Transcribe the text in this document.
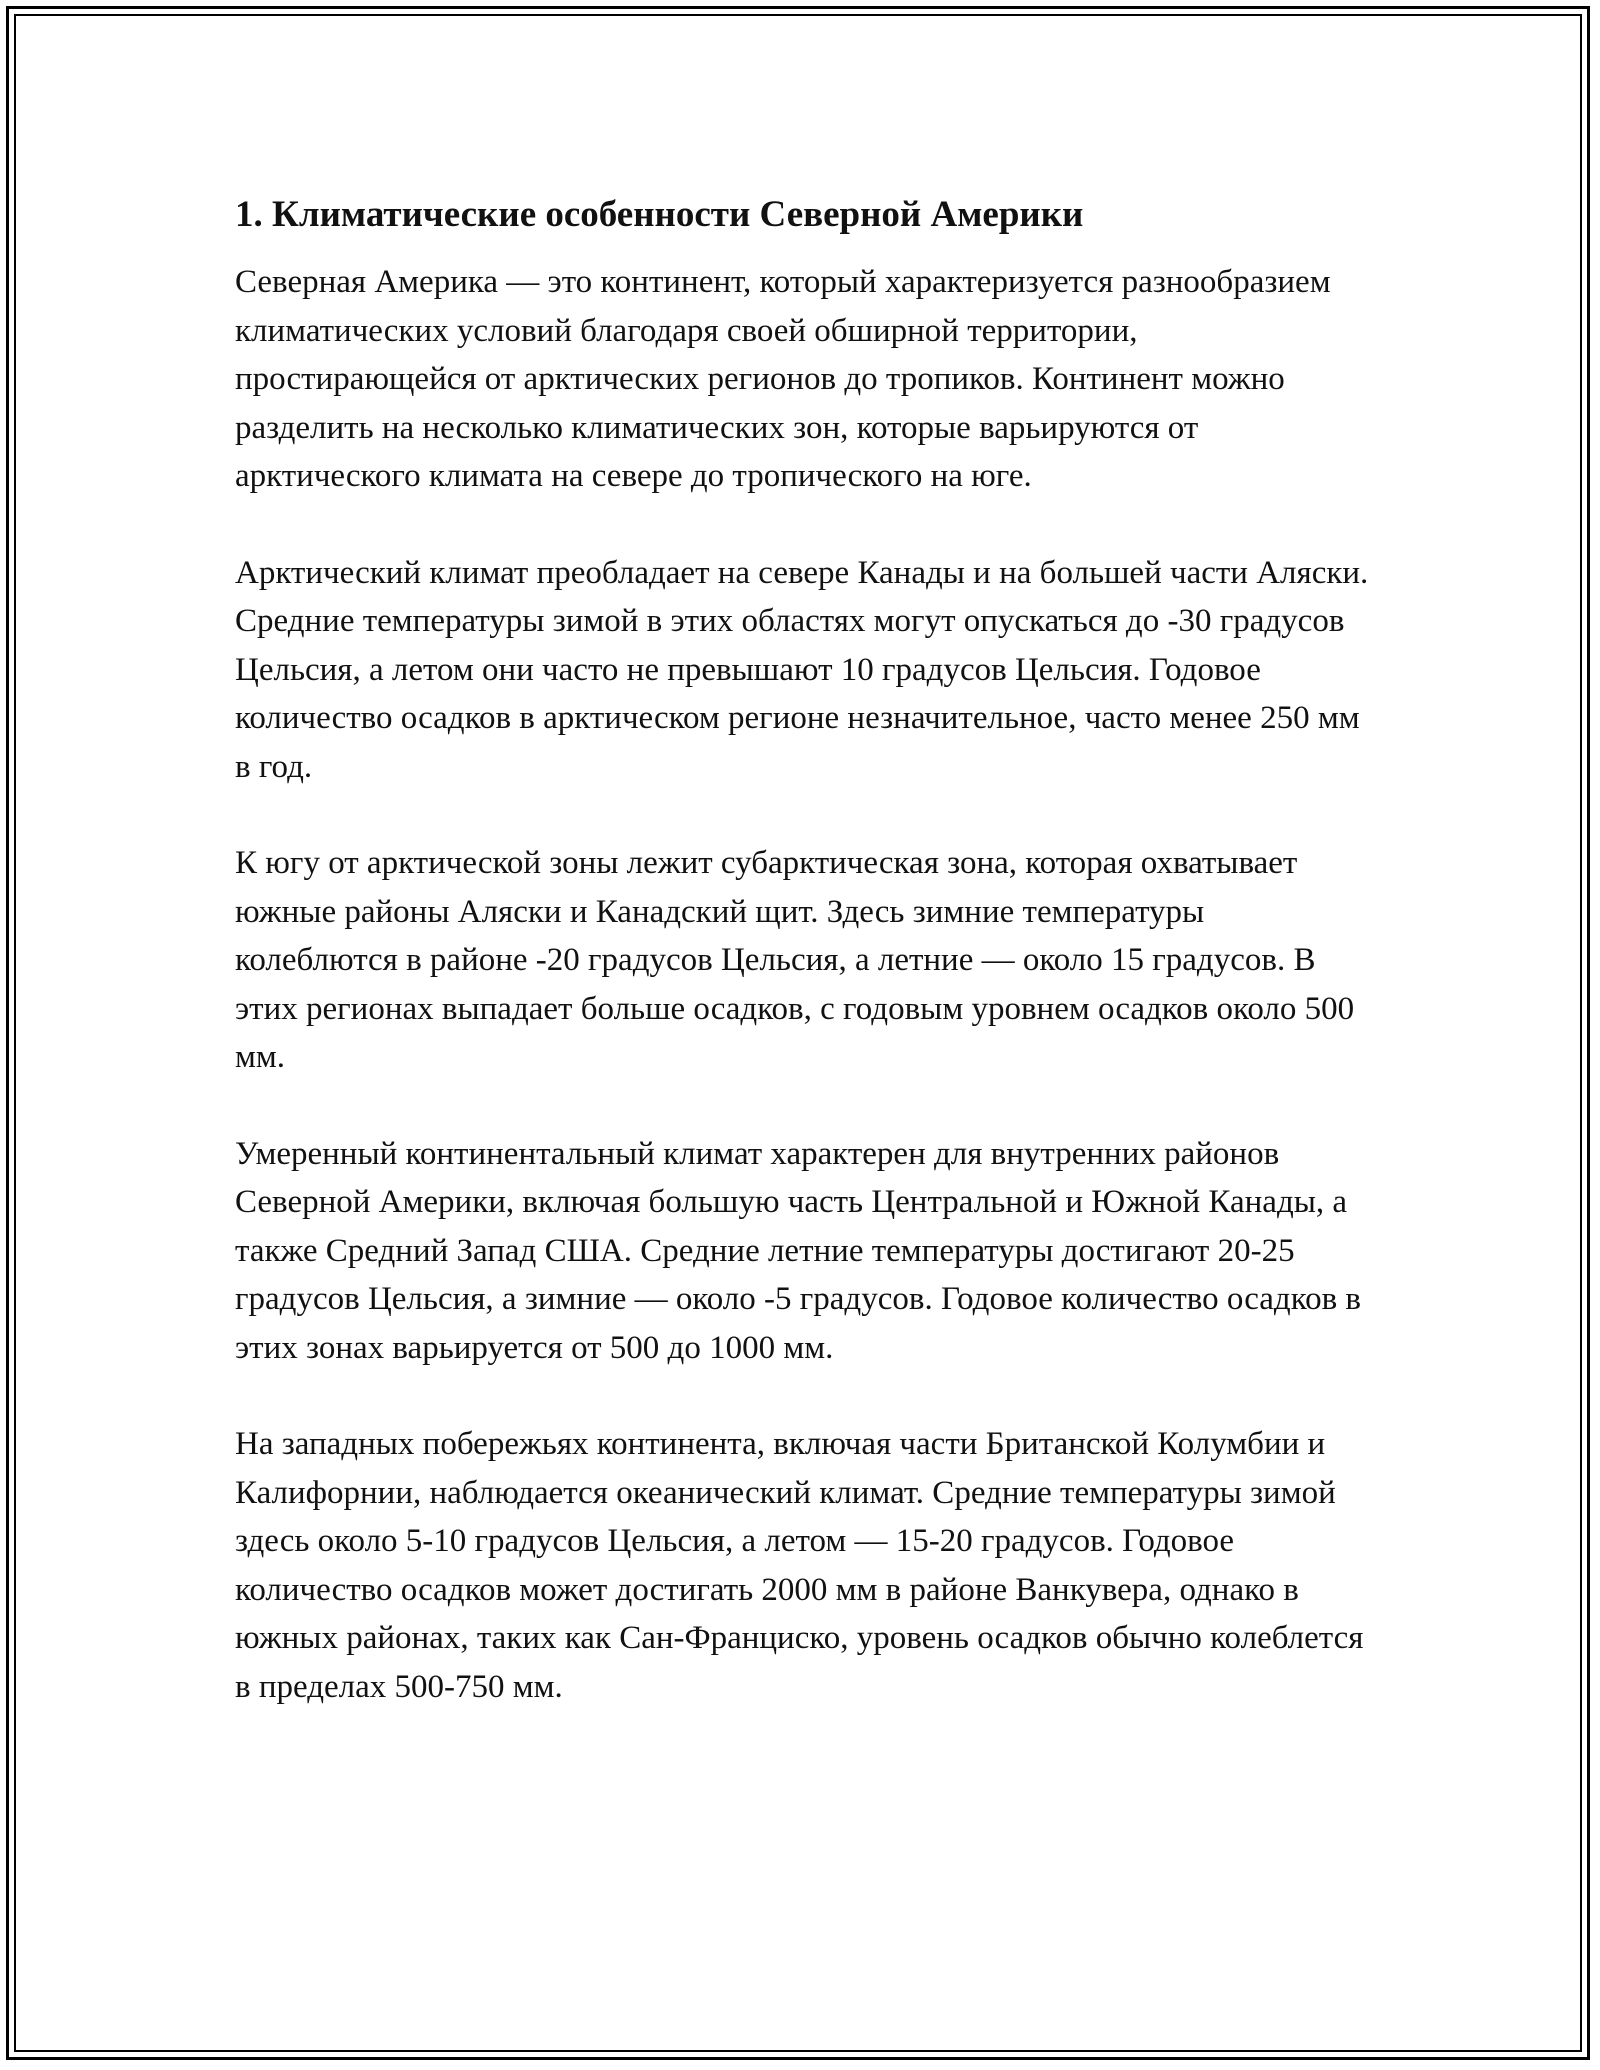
1. Климатические особенности Северной Америки

Северная Америка — это континент, который характеризуется разнообразием климатических условий благодаря своей обширной территории, простирающейся от арктических регионов до тропиков. Континент можно разделить на несколько климатических зон, которые варьируются от арктического климата на севере до тропического на юге.

Арктический климат преобладает на севере Канады и на большей части Аляски. Средние температуры зимой в этих областях могут опускаться до -30 градусов Цельсия, а летом они часто не превышают 10 градусов Цельсия. Годовое количество осадков в арктическом регионе незначительное, часто менее 250 мм в год.

К югу от арктической зоны лежит субарктическая зона, которая охватывает южные районы Аляски и Канадский щит. Здесь зимние температуры колеблются в районе -20 градусов Цельсия, а летние — около 15 градусов. В этих регионах выпадает больше осадков, с годовым уровнем осадков около 500 мм.

Умеренный континентальный климат характерен для внутренних районов Северной Америки, включая большую часть Центральной и Южной Канады, а также Средний Запад США. Средние летние температуры достигают 20-25 градусов Цельсия, а зимние — около -5 градусов. Годовое количество осадков в этих зонах варьируется от 500 до 1000 мм.

На западных побережьях континента, включая части Британской Колумбии и Калифорнии, наблюдается океанический климат. Средние температуры зимой здесь около 5-10 градусов Цельсия, а летом — 15-20 градусов. Годовое количество осадков может достигать 2000 мм в районе Ванкувера, однако в южных районах, таких как Сан-Франциско, уровень осадков обычно колеблется в пределах 500-750 мм.
